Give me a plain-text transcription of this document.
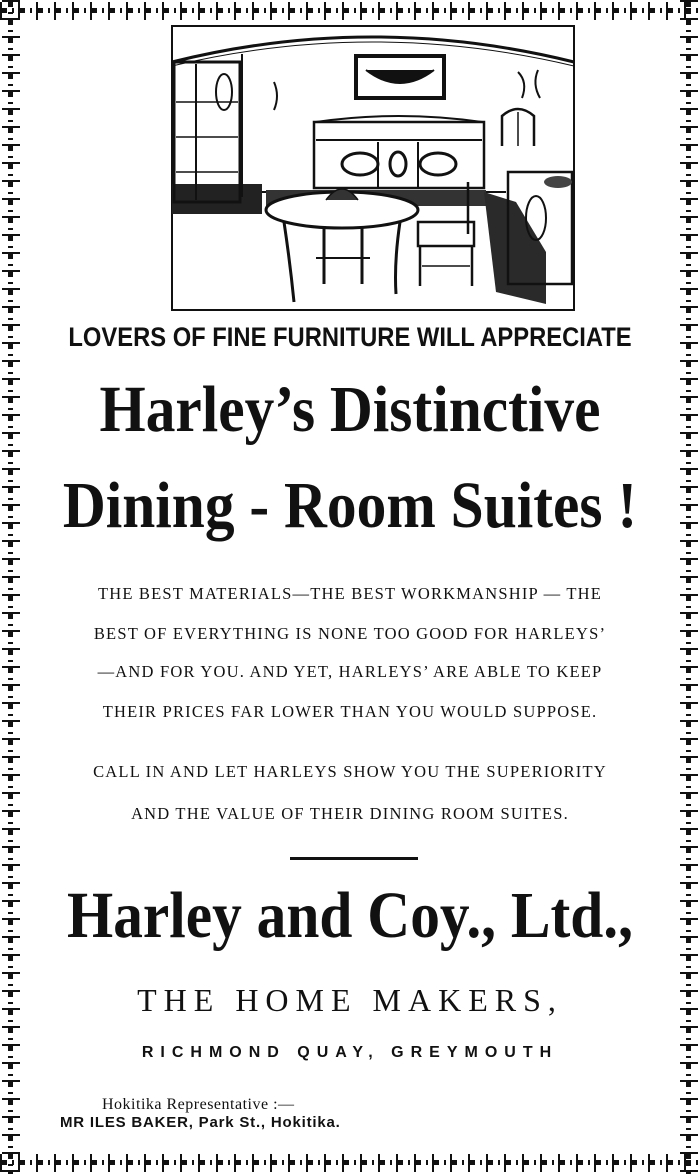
LOVERS OF FINE FURNITURE WILL APPRECIATE
Harley’s Distinctive
Dining - Room Suites !
THE BEST MATERIALS—THE BEST WORKMANSHIP — THE
BEST OF EVERYTHING IS NONE TOO GOOD FOR HARLEYS’
—AND FOR YOU. AND YET, HARLEYS’ ARE ABLE TO KEEP
THEIR PRICES FAR LOWER THAN YOU WOULD SUPPOSE.
CALL IN AND LET HARLEYS SHOW YOU THE SUPERIORITY
AND THE VALUE OF THEIR DINING ROOM SUITES.
Harley and Coy., Ltd.,
THE HOME MAKERS,
RICHMOND QUAY, GREYMOUTH
Hokitika Representative :—
MR ILES BAKER, Park St., Hokitika.
